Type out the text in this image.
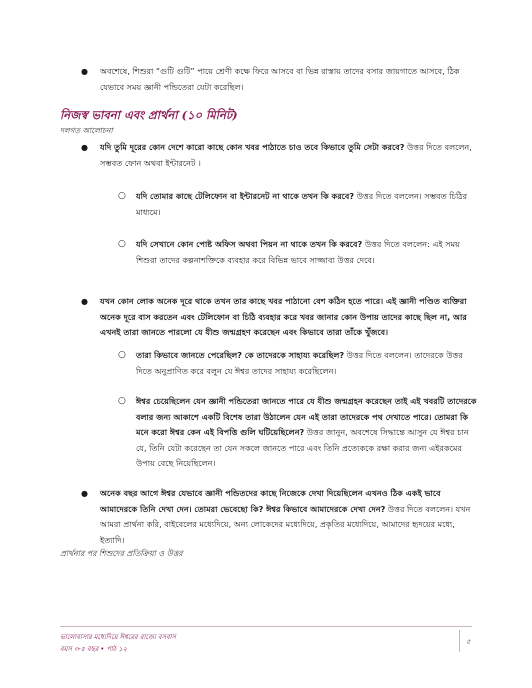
● অবশেষে, শিশুরা “গুটি গুটি” পায়ে শ্রেণী কক্ষে ফিরে আসবে বা ভিন্ন রাস্তায় তাদের বসার জায়গাতে আসবে, ঠিক যেভাবে সময় জ্ঞানী পন্ডিতেরা যেটা করেছিল।

নিজস্ব ভাবনা এবং প্রার্থনা (১০ মিনিট)
দলগত আলোচনা
● যদি তুমি দূরের কোন দেশে কারো কাছে কোন খবর পাঠাতে চাও তবে কিভাবে তুমি সেটা করবে? উত্তর দিতে বললেন, সম্ভবত ফোন অথবা ইন্টারনেট ।

○ যদি তোমার কাছে টেলিফোন বা ইন্টারনেট না থাকে তখন কি করবে? উত্তর দিতে বললেন। সম্ভবত চিঠির মাধ্যমে।

○ যদি সেখানে কোন পোষ্ট অফিস অথবা পিয়ন না থাকে তখন কি করবে? উত্তর দিতে বললেন: এই সময় শিশুরা তাদের কল্পনাশক্তিকে ব্যবহার করে বিভিন্ন ভাবে সাজ্জাব্য উত্তর দেবে।

● যখন কোন লোক অনেক দূরে থাকে তখন তার কাছে খবর পাঠানো বেশ কঠিন হতে পারে। এই জ্ঞানী পণ্ডিত ব্যক্তিরা অনেক দূরে বাস করতেন এবং টেলিফোন বা চিঠি ব্যবহার করে খবর জানার কোন উপায় তাদের কাছে ছিল না, আর এখনই তারা জানতে পারলো যে যীশু জন্মগ্রহণ করেছেন এবং কিভাবে তারা তাঁকে খুঁজবে।

○ তারা কিভাবে জানতে পেরেছিল? কে তাদেরকে সাহায্য করেছিল? উত্তর দিতে বললেন। তাদেরকে উত্তর দিতে অনুপ্রাণিত করে বলুন যে ঈশ্বর তাদের সাহায্য করেছিলেন।

○ ঈশ্বর চেয়েছিলেন যেন জ্ঞানী পন্ডিতেরা জানতে পারে যে যীশু জন্মগ্রহন করেছেন তাই এই খবরটি তাদেরকে বলার জন্য আকাশে একটি বিশেষ তারা উঠালেন যেন এই তারা তাদেরকে পথ দেখাতে পারে। তোমরা কি মনে করো ঈশ্বর কেন এই বিপত্তি গুলি ঘটিয়েছিলেন? উত্তর জানুন, অবশেষে সিদ্ধান্তে আসুন যে ঈশ্বর চান যে, তিনি যেটা করেছেন তা যেন সকলে জানতে পারে এবং তিনি প্রত্যেককে রক্ষা করার জন্য এইরকমের উপায় বেছে নিয়েছিলেন।

● অনেক বছর আগে ঈশ্বর যেভাবে জ্ঞানী পন্ডিতদের কাছে নিজেকে দেখা দিয়েছিলেন এখনও ঠিক একই ভাবে আমাদেরকে তিনি দেখা দেন। তোমরা ভেবেছো কি? ঈশ্বর কিভাবে আমাদেরকে দেখা দেন? উত্তর দিতে বললেন। যখন আমরা প্রার্থনা করি, বাইবেলের মধ্যেদিয়ে, অন্য লোকেদের মধ্যেদিয়ে, প্রকৃতির মধ্যেদিয়ে, আমাদের হৃদয়ের মধ্যে, ইত্যাদি।

প্রার্থনার পর শিশুদের প্রতিক্রিয়া ও উত্তর
ভালোবাসার মধ্যেদিয়ে ঈশ্বরের রাজ্যে বসবাস
বয়স ৩-৫ বছর • পাঠ ১২
৫
